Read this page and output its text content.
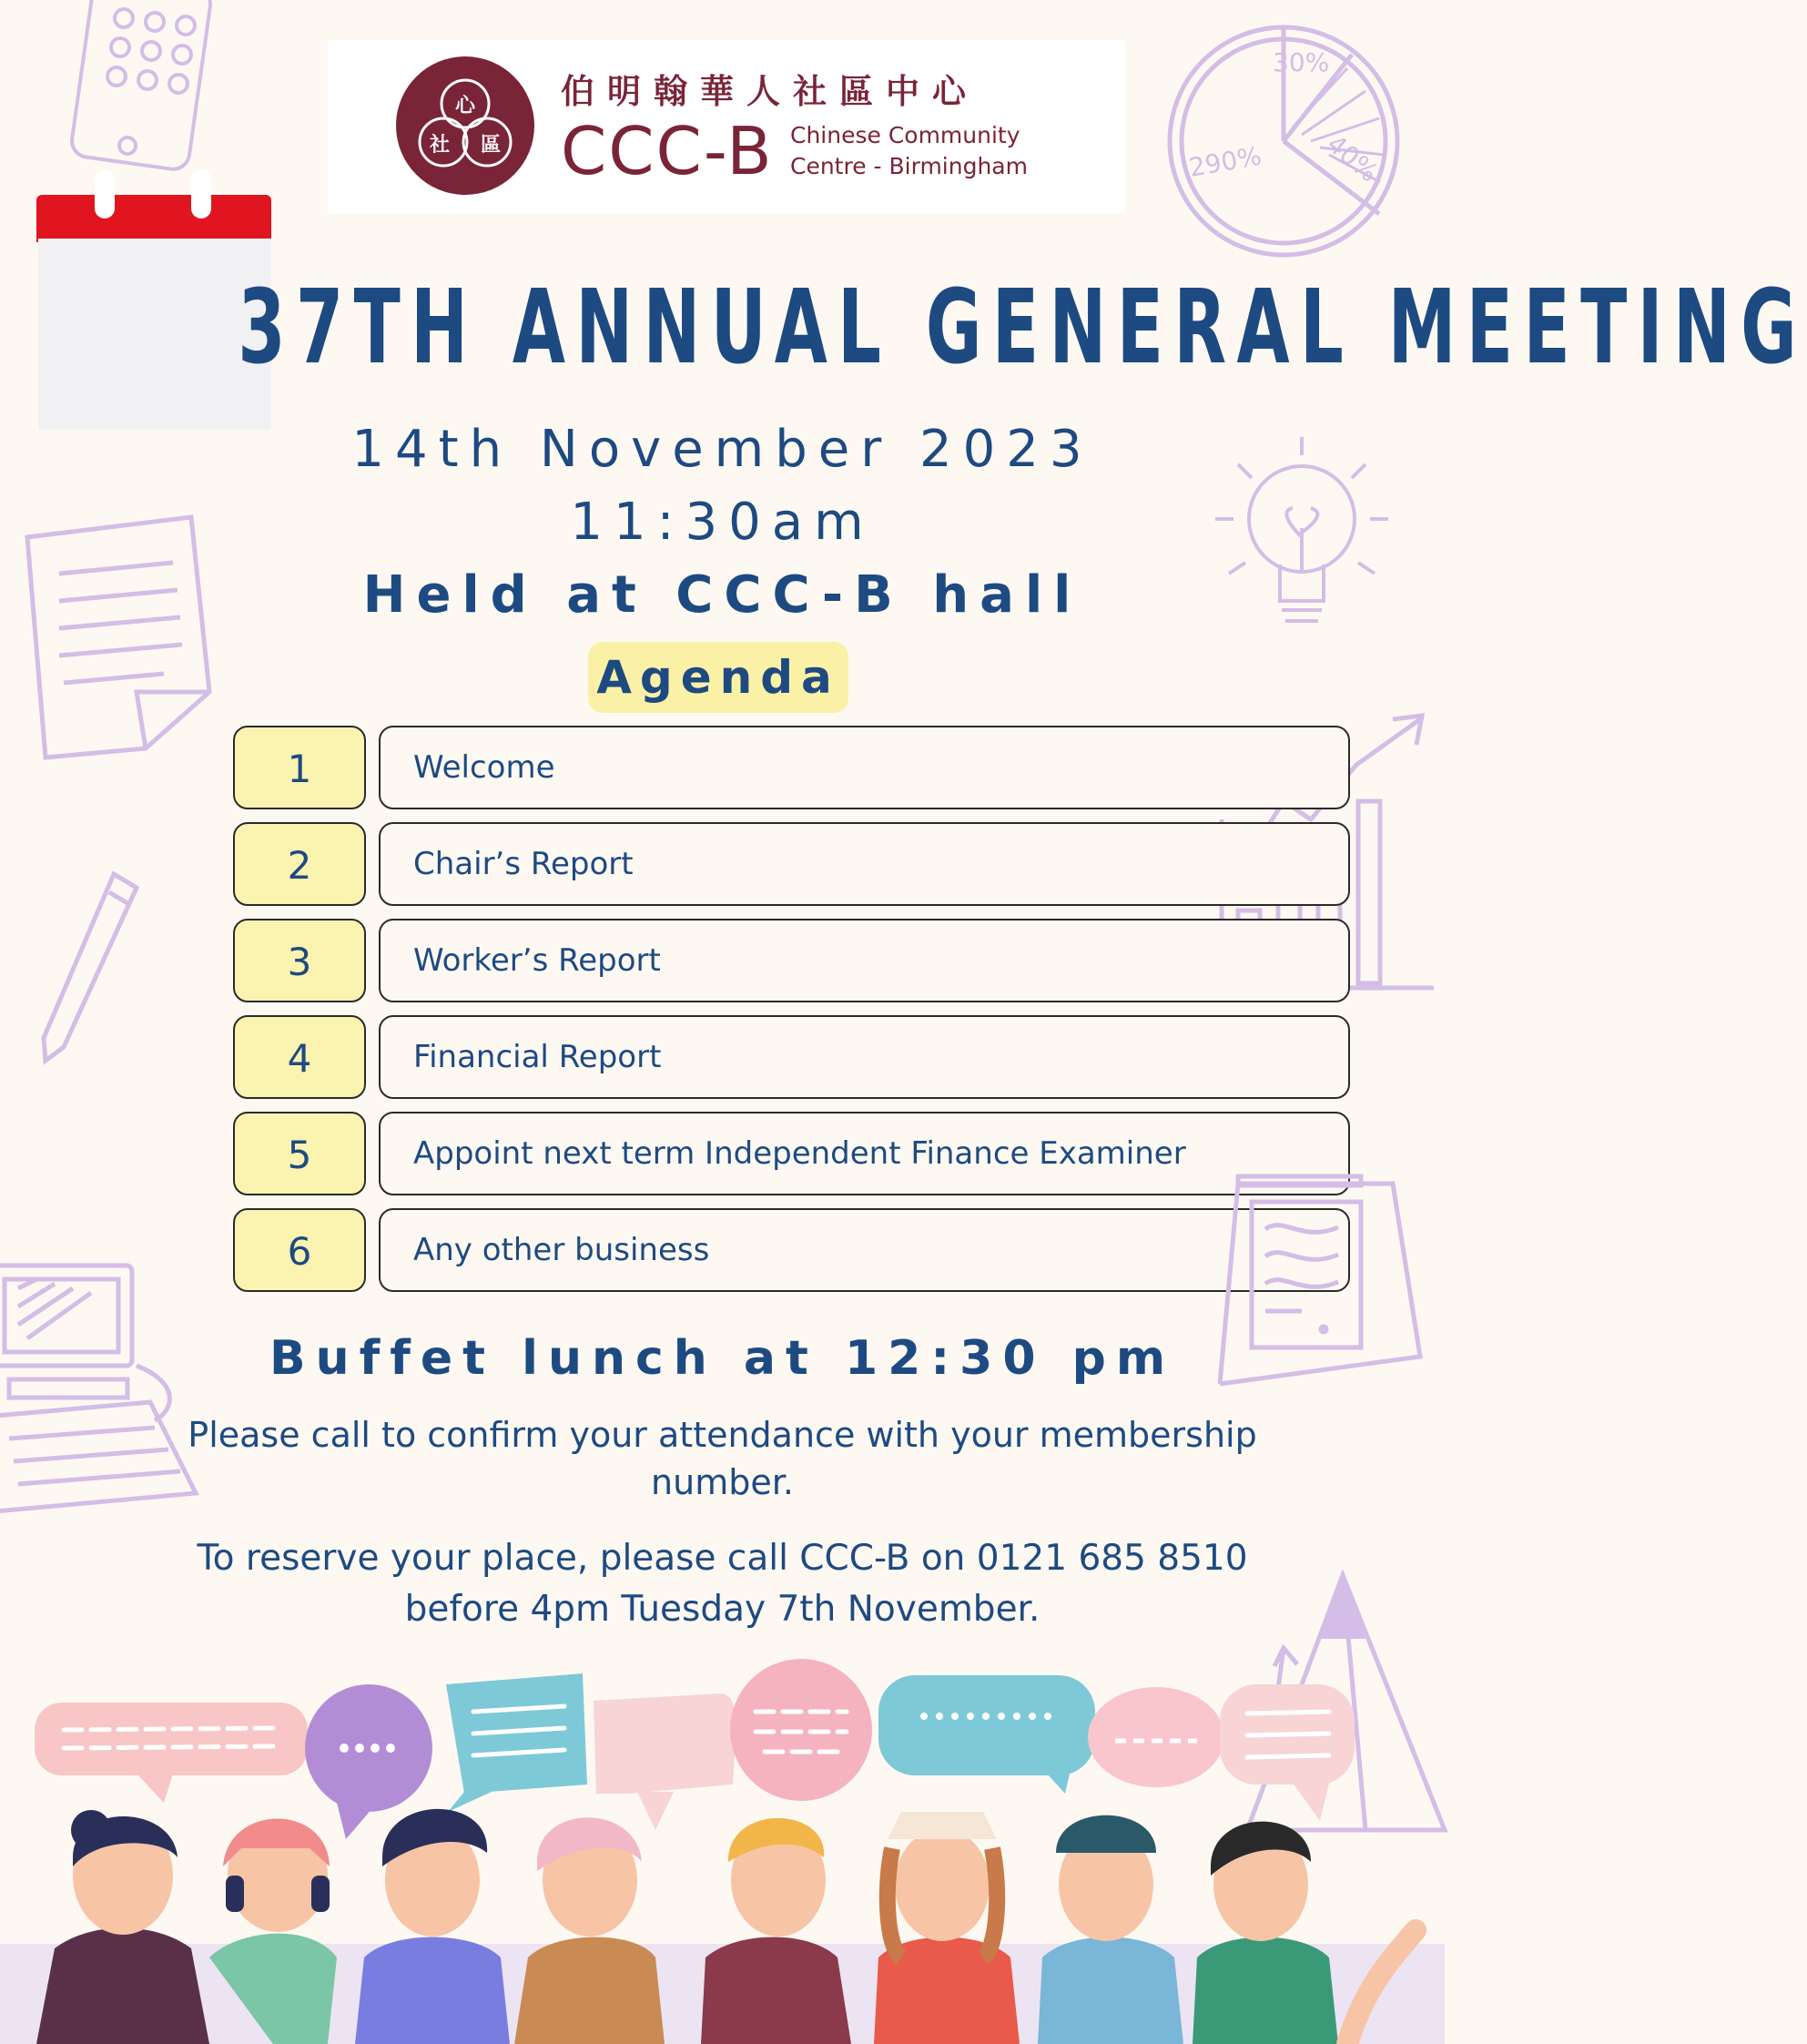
30%
40%
290%
心
社 區
伯明翰華人社區中心
CCC-B Chinese Community
Centre - Birmingham
37TH ANNUAL GENERAL MEETING
14th November 2023
11:30am
Held at CCC-B hall
Agenda
1	Welcome
2	Chair’s Report
3	Worker’s Report
4	Financial Report
5	Appoint next term Independent Finance Examiner
6	Any other business
Buffet lunch at 12:30 pm
Please call to confirm your attendance with your membership number.
To reserve your place, please call CCC-B on 0121 685 8510
before 4pm Tuesday 7th November.
